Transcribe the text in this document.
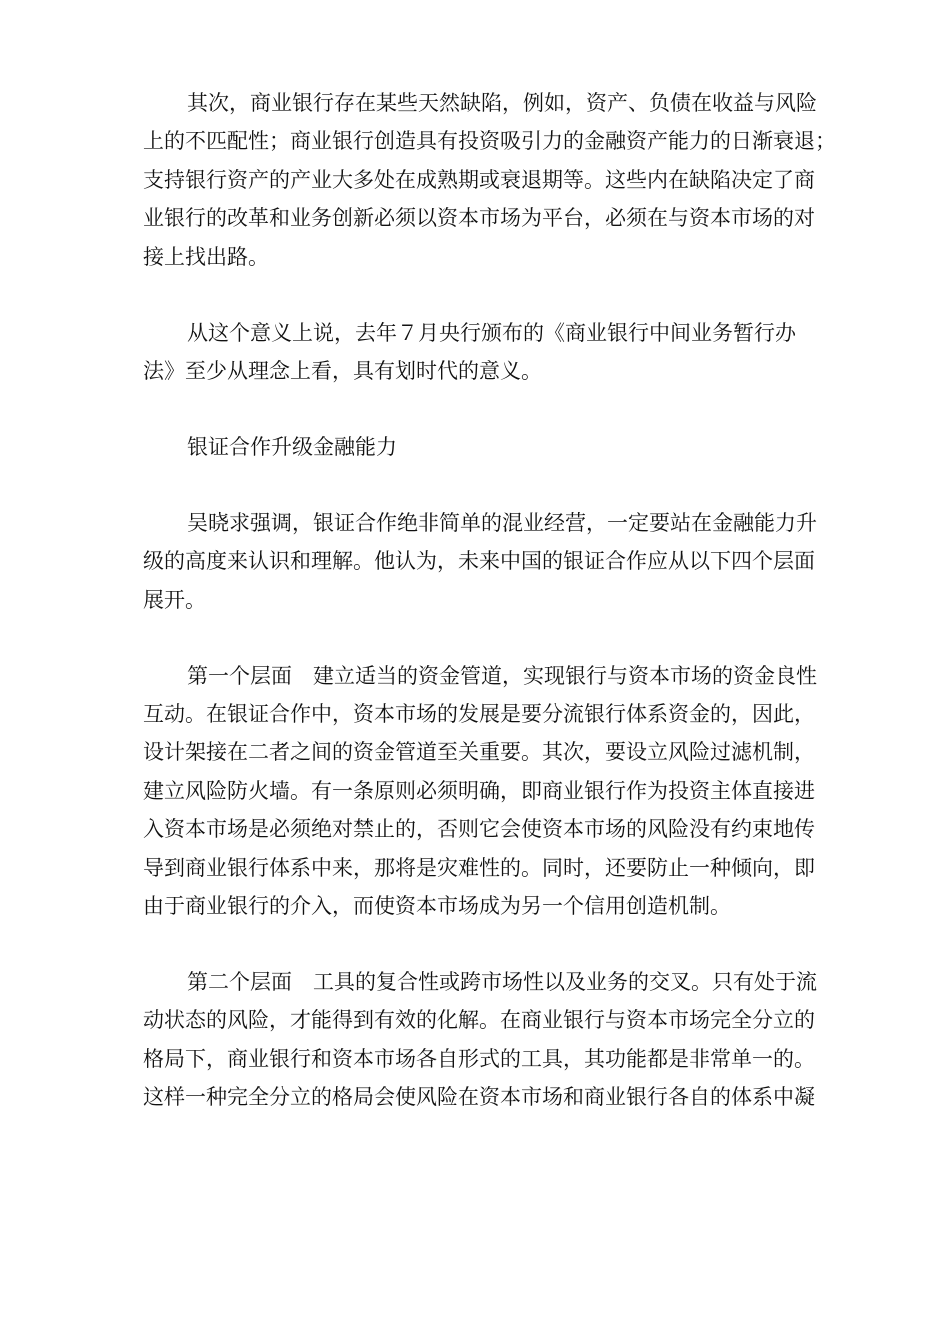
其次，商业银行存在某些天然缺陷，例如，资产、负债在收益与风险
上的不匹配性；商业银行创造具有投资吸引力的金融资产能力的日渐衰退；
支持银行资产的产业大多处在成熟期或衰退期等。这些内在缺陷决定了商
业银行的改革和业务创新必须以资本市场为平台，必须在与资本市场的对
接上找出路。

从这个意义上说，去年７月央行颁布的《商业银行中间业务暂行办
法》至少从理念上看，具有划时代的意义。

银证合作升级金融能力

吴晓求强调，银证合作绝非简单的混业经营，一定要站在金融能力升
级的高度来认识和理解。他认为，未来中国的银证合作应从以下四个层面
展开。

第一个层面　建立适当的资金管道，实现银行与资本市场的资金良性
互动。在银证合作中，资本市场的发展是要分流银行体系资金的，因此，
设计架接在二者之间的资金管道至关重要。其次，要设立风险过滤机制，
建立风险防火墙。有一条原则必须明确，即商业银行作为投资主体直接进
入资本市场是必须绝对禁止的，否则它会使资本市场的风险没有约束地传
导到商业银行体系中来，那将是灾难性的。同时，还要防止一种倾向，即
由于商业银行的介入，而使资本市场成为另一个信用创造机制。

第二个层面　工具的复合性或跨市场性以及业务的交叉。只有处于流
动状态的风险，才能得到有效的化解。在商业银行与资本市场完全分立的
格局下，商业银行和资本市场各自形式的工具，其功能都是非常单一的。
这样一种完全分立的格局会使风险在资本市场和商业银行各自的体系中凝
